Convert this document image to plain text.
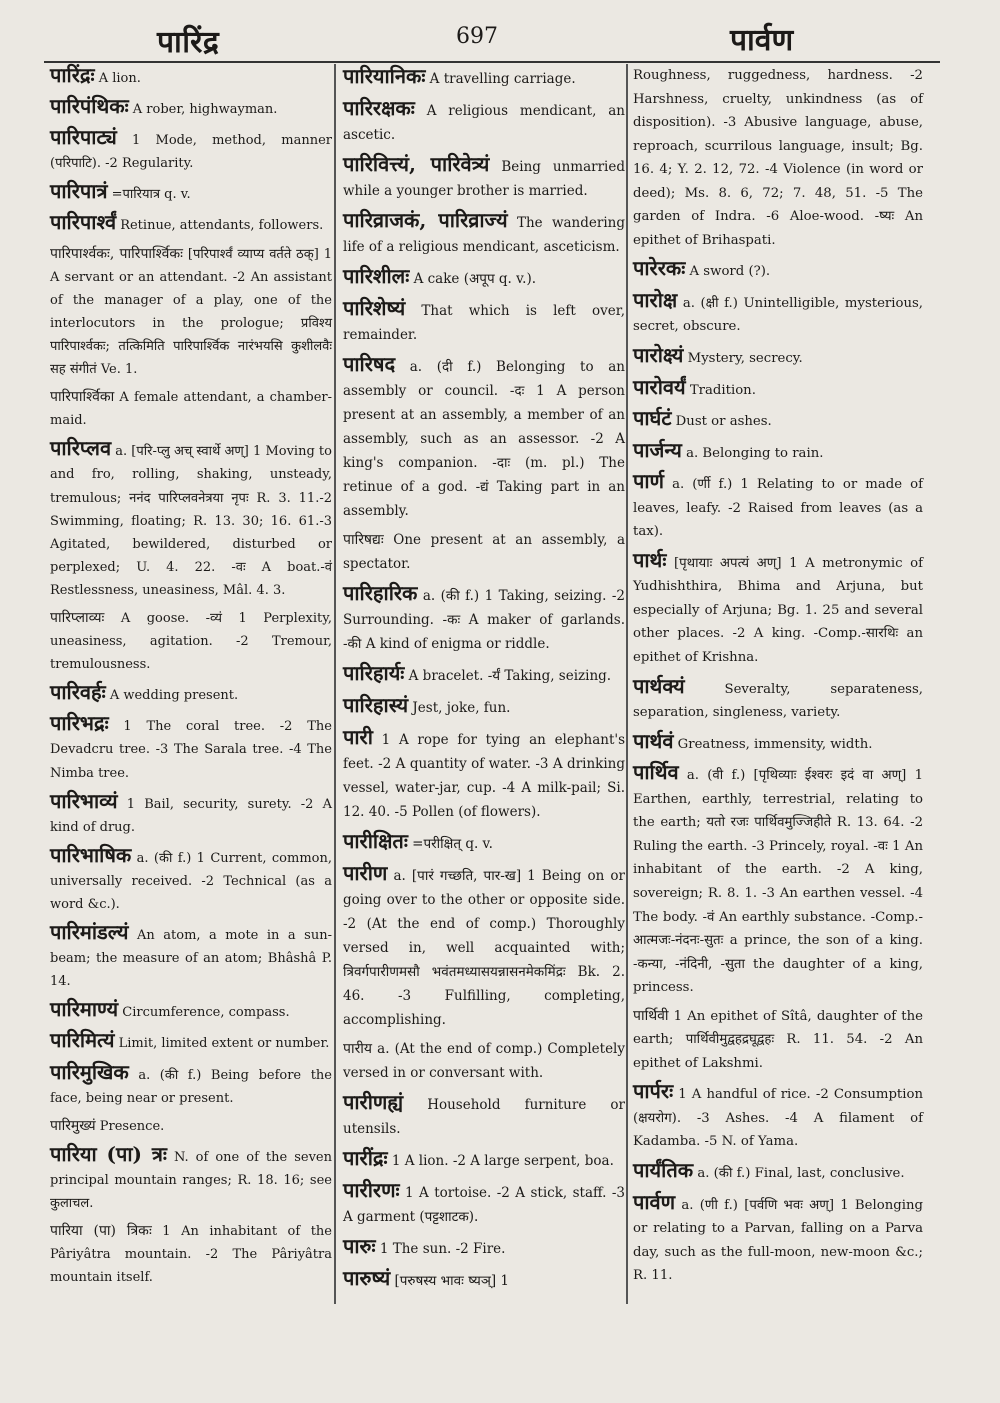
पारिंद्र	697	पार्वण

पारिंद्रः A lion.

पारिपंथिकः A rober, highwayman.

पारिपाट्यं 1 Mode, method, manner (परिपाटि). -2 Regularity.

पारिपात्रं =पारियात्र q. v.

पारिपार्श्वं Retinue, attendants, followers.

पारिपार्श्वकः, पारिपार्श्विकः [परिपार्श्वं व्याप्य वर्तते ठक्] 1 A servant or an attendant. -2 An assistant of the manager of a play, one of the interlocutors in the prologue; प्रविश्य पारिपार्श्वकः; तत्किमिति पारिपार्श्विक नारंभयसि कुशीलवैः सह संगीतं Ve. 1.

पारिपार्श्विका A female attendant, a chamber-maid.

पारिप्लव a. [परि-प्लु अच् स्वार्थे अण्] 1 Moving to and fro, rolling, shaking, unsteady, tremulous; ननंद पारिप्लवनेत्रया नृपः R. 3. 11.-2 Swimming, floating; R. 13. 30; 16. 61.-3 Agitated, bewildered, disturbed or perplexed; U. 4. 22. -वः A boat.-वं Restlessness, uneasiness, Mâl. 4. 3.

पारिप्लाव्यः A goose. -व्यं 1 Perplexity, uneasiness, agitation. -2 Tremour, tremulousness.

पारिवर्हः A wedding present.

पारिभद्रः 1 The coral tree. -2 The Devadcru tree. -3 The Sarala tree. -4 The Nimba tree.

पारिभाव्यं 1 Bail, security, surety. -2 A kind of drug.

पारिभाषिक a. (की f.) 1 Current, common, universally received. -2 Technical (as a word &c.).

पारिमांडल्यं An atom, a mote in a sun-beam; the measure of an atom; Bhâshâ P. 14.

पारिमाण्यं Circumference, compass.

पारिमित्यं Limit, limited extent or number.

पारिमुखिक a. (की f.) Being before the face, being near or present.

पारिमुख्यं Presence.

पारिया (पा) त्रः N. of one of the seven principal mountain ranges; R. 18. 16; see कुलाचल.

पारिया (पा) त्रिकः 1 An inhabitant of the Pâriyâtra mountain. -2 The Pâriyâtra mountain itself.

पारियानिकः A travelling carriage.

पारिरक्षकः A religious mendicant, an ascetic.

पारिवित्त्यं, पारिवेत्र्यं Being unmarried while a younger brother is married.

पारिव्राजकं, पारिव्राज्यं The wandering life of a religious mendicant, asceticism.

पारिशीलः A cake (अपूप q. v.).

पारिशेष्यं That which is left over, remainder.

पारिषद a. (दी f.) Belonging to an assembly or council. -दः 1 A person present at an assembly, a member of an assembly, such as an assessor. -2 A king's companion. -दाः (m. pl.) The retinue of a god. -द्यं Taking part in an assembly.

पारिषद्यः One present at an assembly, a spectator.

पारिहारिक a. (की f.) 1 Taking, seizing. -2 Surrounding. -कः A maker of garlands. -की A kind of enigma or riddle.

पारिहार्यः A bracelet. -र्यं Taking, seizing.

पारिहास्यं Jest, joke, fun.

पारी 1 A rope for tying an elephant's feet. -2 A quantity of water. -3 A drinking vessel, water-jar, cup. -4 A milk-pail; Si. 12. 40. -5 Pollen (of flowers).

पारीक्षितः =परीक्षित् q. v.

पारीण a. [पारं गच्छति, पार-ख] 1 Being on or going over to the other or opposite side. -2 (At the end of comp.) Thoroughly versed in, well acquainted with; त्रिवर्गपारीणमसौ भवंतमध्यासयन्नासनमेकमिंद्रः Bk. 2. 46. -3 Fulfilling, completing, accomplishing.

पारीय a. (At the end of comp.) Completely versed in or conversant with.

पारीणह्यं Household furniture or utensils.

पारींद्रः 1 A lion. -2 A large serpent, boa.

पारीरणः 1 A tortoise. -2 A stick, staff. -3 A garment (पट्टशाटक).

पारुः 1 The sun. -2 Fire.

पारुष्यं [परुषस्य भावः ष्यञ्] 1

Roughness, ruggedness, hardness. -2 Harshness, cruelty, unkindness (as of disposition). -3 Abusive language, abuse, reproach, scurrilous language, insult; Bg. 16. 4; Y. 2. 12, 72. -4 Violence (in word or deed); Ms. 8. 6, 72; 7. 48, 51. -5 The garden of Indra. -6 Aloe-wood. -ष्यः An epithet of Brihaspati.

पारेरकः A sword (?).

पारोक्ष a. (क्षी f.) Unintelligible, mysterious, secret, obscure.

पारोक्ष्यं Mystery, secrecy.

पारोवर्यं Tradition.

पार्घटं Dust or ashes.

पार्जन्य a. Belonging to rain.

पार्ण a. (र्णी f.) 1 Relating to or made of leaves, leafy. -2 Raised from leaves (as a tax).

पार्थः [पृथायाः अपत्यं अण्] 1 A metronymic of Yudhishthira, Bhima and Arjuna, but especially of Arjuna; Bg. 1. 25 and several other places. -2 A king. -Comp.-सारथिः an epithet of Krishna.

पार्थक्यं	Severalty, separateness, separation, singleness, variety.

पार्थवं Greatness, immensity, width.

पार्थिव a. (वी f.) [पृथिव्याः ईश्वरः इदं वा अण्] 1 Earthen, earthly, terrestrial, relating to the earth; यतो रजः पार्थिवमुज्जिहीते R. 13. 64. -2 Ruling the earth. -3 Princely, royal. -वः 1 An inhabitant of the earth. -2 A king, sovereign; R. 8. 1. -3 An earthen vessel. -4 The body. -वं An earthly substance. -Comp.-आत्मजः-नंदनः-सुतः a prince, the son of a king. -कन्या, -नंदिनी, -सुता the daughter of a king, princess.

पार्थिवी 1 An epithet of Sîtâ, daughter of the earth; पार्थिवीमुद्वहद्रघूद्वहः R. 11. 54. -2 An epithet of Lakshmi.

पार्परः 1 A handful of rice. -2 Consumption (क्षयरोग). -3 Ashes. -4 A filament of Kadamba. -5 N. of Yama.

पार्यंतिक a. (की f.) Final, last, conclusive.

पार्वण a. (णी f.) [पर्वणि भवः अण्] 1 Belonging or relating to a Parvan, falling on a Parva day, such as the full-moon, new-moon &c.; R. 11.
